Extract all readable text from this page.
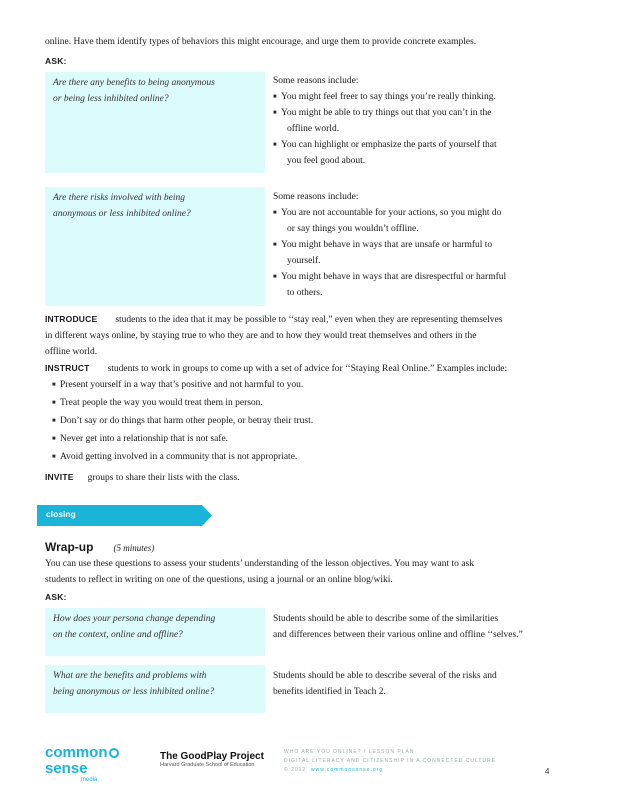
online. Have them identify types of behaviors this might encourage, and urge them to provide concrete examples.
ASK:
Are there any benefits to being anonymous
or being less inhibited online?
Some reasons include:
■ You might feel freer to say things you’re really thinking.
■ You might be able to try things out that you can’t in the
offline world.
■ You can highlight or emphasize the parts of yourself that
you feel good about.
Are there risks involved with being
anonymous or less inhibited online?
Some reasons include:
■ You are not accountable for your actions, so you might do
or say things you wouldn’t offline.
■ You might behave in ways that are unsafe or harmful to
yourself.
■ You might behave in ways that are disrespectful or harmful
to others.
INTRODUCE students to the idea that it may be possible to ‘‘stay real,” even when they are representing themselves
in different ways online, by staying true to who they are and to how they would treat themselves and others in the
offline world.
INSTRUCT students to work in groups to come up with a set of advice for ‘‘Staying Real Online.” Examples include:
■ Present yourself in a way that’s positive and not harmful to you.
■ Treat people the way you would treat them in person.
■ Don’t say or do things that harm other people, or betray their trust.
■ Never get into a relationship that is not safe.
■ Avoid getting involved in a community that is not appropriate.
INVITE groups to share their lists with the class.
closing
Wrap-up (5 minutes)
You can use these questions to assess your students’ understanding of the lesson objectives. You may want to ask
students to reflect in writing on one of the questions, using a journal or an online blog/wiki.
ASK:
How does your persona change depending
on the context, online and offline?
Students should be able to describe some of the similarities
and differences between their various online and offline ‘‘selves.”
What are the benefits and problems with
being anonymous or less inhibited online?
Students should be able to describe several of the risks and
benefits identified in Teach 2.
commonsense
media
The GoodPlay Project
Harvard Graduate School of Education
WHO ARE YOU ONLINE? / LESSON PLAN
DIGITAL LITERACY AND CITIZENSHIP IN A CONNECTED CULTURE
© 2012 www.commonsense.org	4
